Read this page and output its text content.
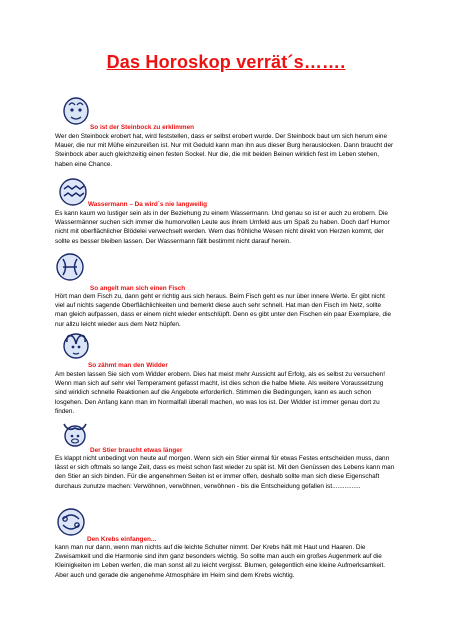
Das Horoskop verrät´s…….
So ist der Steinbock zu erklimmen

Wer den Steinbock erobert hat, wird feststellen, dass er selbst erobert wurde. Der Steinbock baut um sich herum eine Mauer, die nur mit Mühe einzureißen ist. Nur mit Geduld kann man ihn aus dieser Burg herauslocken. Dann braucht der Steinbock aber auch gleichzeitig einen festen Sockel. Nur die, die mit beiden Beinen wirklich fest im Leben stehen, haben eine Chance.

Wassermann – Da wird´s nie langweilig

Es kann kaum wo lustiger sein als in der Beziehung zu einem Wassermann. Und genau so ist er auch zu erobern. Die Wassermänner suchen sich immer die humorvollen Leute aus ihrem Umfeld aus um Spaß zu haben. Doch darf Humor nicht mit oberflächlicher Blödelei verwechselt werden. Wem das fröhliche Wesen nicht direkt von Herzen kommt, der sollte es besser bleiben lassen. Der Wassermann fällt bestimmt nicht darauf herein.

So angelt man sich einen Fisch

Hört man dem Fisch zu, dann geht er richtig aus sich heraus. Beim Fisch geht es nur über innere Werte. Er gibt nicht viel auf nichts sagende Oberflächlichkeiten und bemerkt diese auch sehr schnell. Hat man den Fisch im Netz, sollte man gleich aufpassen, dass er einem nicht wieder entschlüpft. Denn es gibt unter den Fischen ein paar Exemplare, die nur allzu leicht wieder aus dem Netz hüpfen.

So zähmt man den Widder

Am besten lassen Sie sich vom Widder erobern. Dies hat meist mehr Aussicht auf Erfolg, als es selbst zu versuchen! Wenn man sich auf sehr viel Temperament gefasst macht, ist dies schon die halbe Miete. Als weitere Voraussetzung sind wirklich schnelle Reaktionen auf die Angebote erforderlich. Stimmen die Bedingungen, kann es auch schon losgehen. Den Anfang kann man im Normalfall überall machen, wo was los ist. Der Widder ist immer genau dort zu finden.

Der Stier braucht etwas länger

Es klappt nicht unbedingt von heute auf morgen. Wenn sich ein Stier einmal für etwas Festes entscheiden muss, dann lässt er sich oftmals so lange Zeit, dass es meist schon fast wieder zu spät ist. Mit den Genüssen des Lebens kann man den Stier an sich binden. Für die angenehmen Seiten ist er immer offen, deshalb sollte man sich diese Eigenschaft durchaus zunutze machen: Verwöhnen, verwöhnen, verwöhnen - bis die Entscheidung gefallen ist................

Den Krebs einfangen...

kann man nur dann, wenn man nichts auf die leichte Schulter nimmt. Der Krebs hält mit Haut und Haaren. Die Zweisamkeit und die Harmonie sind ihm ganz besonders wichtig. So sollte man auch ein großes Augenmerk auf die Kleinigkeiten im Leben werfen, die man sonst all zu leicht vergisst. Blumen, gelegentlich eine kleine Aufmerksamkeit. Aber auch und gerade die angenehme Atmosphäre im Heim sind dem Krebs wichtig.
